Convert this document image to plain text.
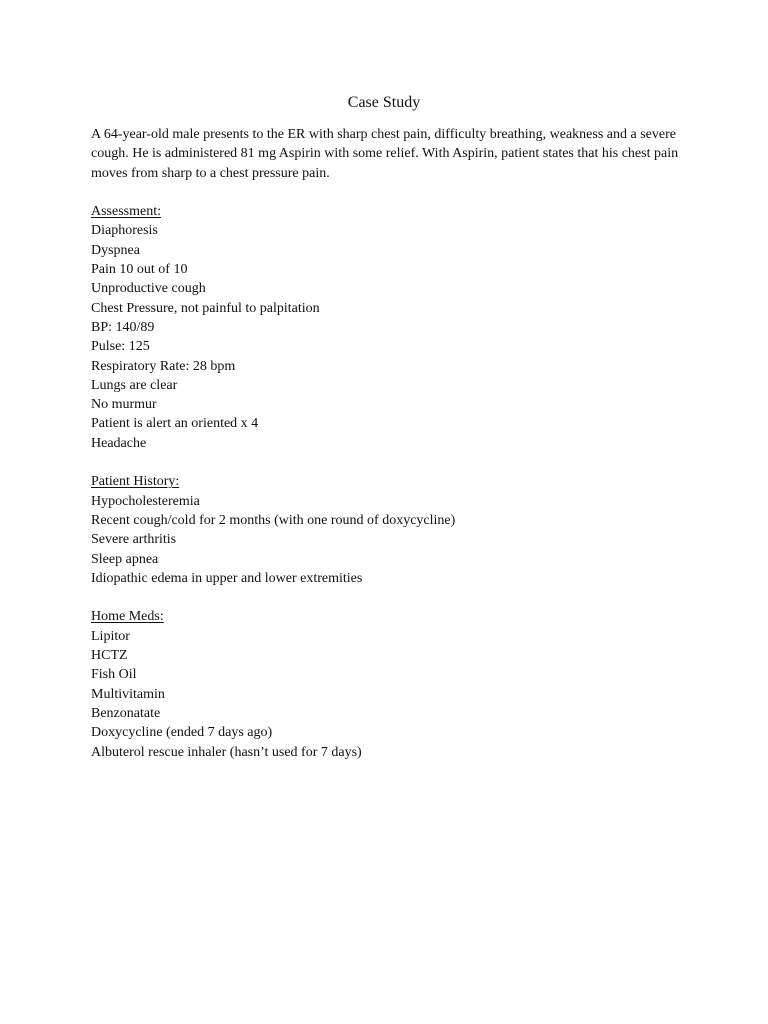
Case Study

A 64-year-old male presents to the ER with sharp chest pain, difficulty breathing, weakness and a severe cough. He is administered 81 mg Aspirin with some relief. With Aspirin, patient states that his chest pain moves from sharp to a chest pressure pain.

Assessment:
Diaphoresis
Dyspnea
Pain 10 out of 10
Unproductive cough
Chest Pressure, not painful to palpitation
BP: 140/89
Pulse: 125
Respiratory Rate: 28 bpm
Lungs are clear
No murmur
Patient is alert an oriented x 4
Headache
Patient History:
Hypocholesteremia
Recent cough/cold for 2 months (with one round of doxycycline)
Severe arthritis
Sleep apnea
Idiopathic edema in upper and lower extremities
Home Meds:
Lipitor
HCTZ
Fish Oil
Multivitamin
Benzonatate
Doxycycline (ended 7 days ago)
Albuterol rescue inhaler (hasn’t used for 7 days)
